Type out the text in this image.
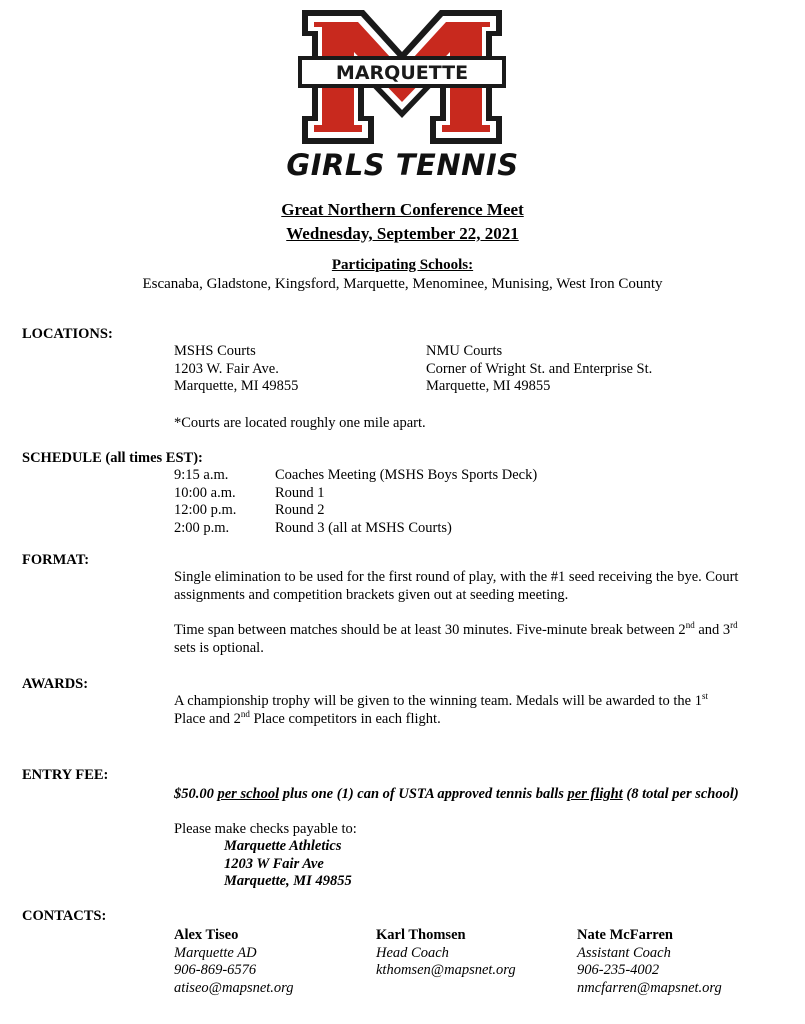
MARQUETTE
GIRLS TENNIS
Great Northern Conference Meet
Wednesday, September 22, 2021
Participating Schools:
Escanaba, Gladstone, Kingsford, Marquette, Menominee, Munising, West Iron County
LOCATIONS:
MSHS Courts
1203 W. Fair Ave.
Marquette, MI 49855
NMU Courts
Corner of Wright St. and Enterprise St.
Marquette, MI 49855
*Courts are located roughly one mile apart.
SCHEDULE (all times EST):
9:15 a.m.
10:00 a.m.
12:00 p.m.
2:00 p.m.
Coaches Meeting (MSHS Boys Sports Deck)
Round 1
Round 2
Round 3 (all at MSHS Courts)
FORMAT:
Single elimination to be used for the first round of play, with the #1 seed receiving the bye. Court
assignments and competition brackets given out at seeding meeting.
Time span between matches should be at least 30 minutes. Five-minute break between 2nd and 3rd
sets is optional.
AWARDS:
A championship trophy will be given to the winning team. Medals will be awarded to the 1st
Place and 2nd Place competitors in each flight.
ENTRY FEE:
$50.00 per school plus one (1) can of USTA approved tennis balls per flight (8 total per school)
Please make checks payable to:
Marquette Athletics
1203 W Fair Ave
Marquette, MI 49855
CONTACTS:
Alex Tiseo
Marquette AD
906-869-6576
atiseo@mapsnet.org
Karl Thomsen
Head Coach
kthomsen@mapsnet.org
Nate McFarren
Assistant Coach
906-235-4002
nmcfarren@mapsnet.org
